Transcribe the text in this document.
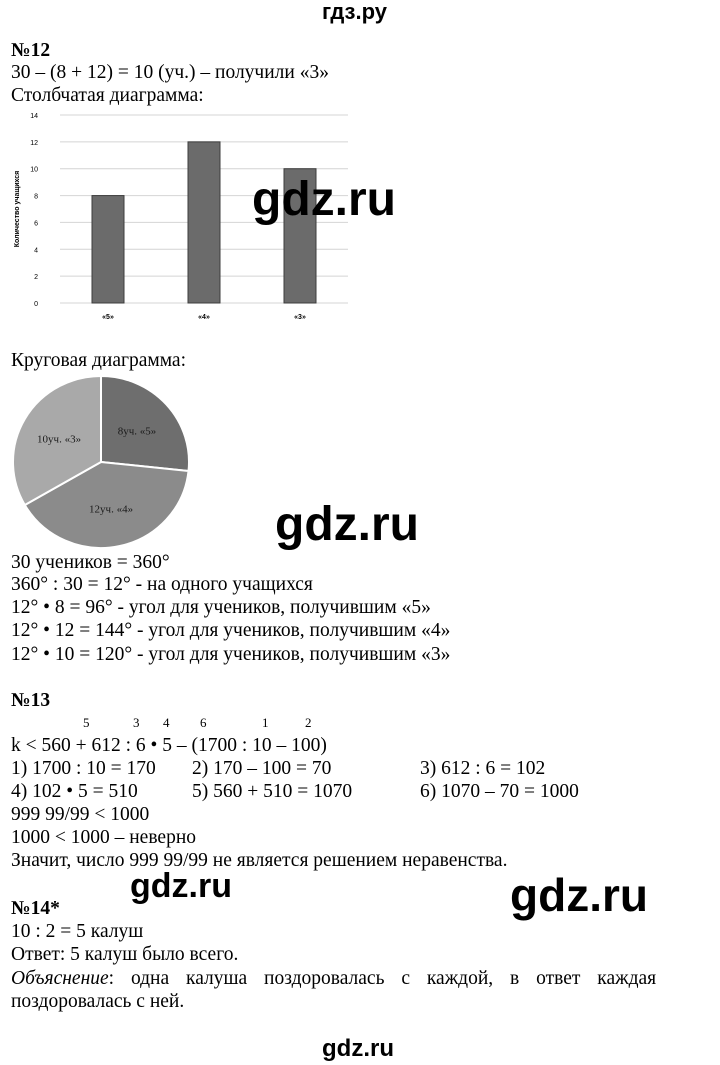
гдз.ру
№12
30 – (8 + 12) = 10 (уч.) – получили «3»
Столбчатая диаграмма:
0
2
4
6
8
10
12
14
Количество учащихся
«5»	«4»	«3»
gdz.ru
Круговая диаграмма:
8уч. «5»
12уч. «4»
10уч. «3»
gdz.ru
30 учеников = 360°
360° : 30 = 12° - на одного учащихся
12° • 8 = 96° - угол для учеников, получившим «5»
12° • 12 = 144° - угол для учеников, получившим «4»
12° • 10 = 120° - угол для учеников, получившим «3»
№13
5	3 4 6	1	2
k < 560 + 612 : 6 • 5 – (1700 : 10 – 100)
1) 1700 : 10 = 170 2) 170 – 100 = 70	3) 612 : 6 = 102
4) 102 • 5 = 510	5) 560 + 510 = 1070	6) 1070 – 70 = 1000
999 99/99 < 1000
1000 < 1000 – неверно
Значит, число 999 99/99 не является решением неравенства.
gdz.ru	gdz.ru
№14*
10 : 2 = 5 калуш
Ответ: 5 калуш было всего.
Объяснение: одна калуша поздоровалась с каждой, в ответ каждая
поздоровалась с ней.
gdz.ru
